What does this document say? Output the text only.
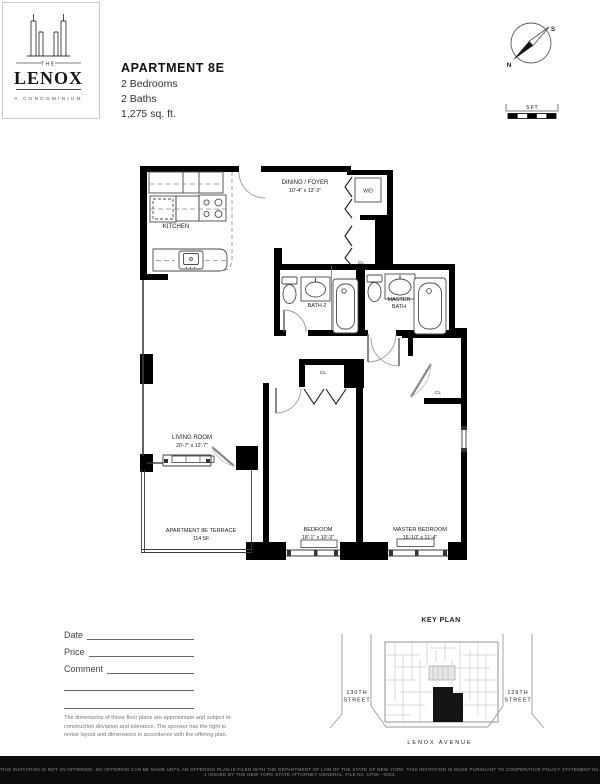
THE
LENOX
A CONDOMINIUM
APARTMENT 8E
2 Bedrooms
2 Baths
1,275 sq. ft.
S
N
5 FT
W/D
KITCHEN
DINING / FOYER
10'-4" x 13'-3"
CL
BATH 2
MASTER
BATH
CL
CL
LIVING ROOM
20'-7" x 12'-7"
APARTMENT 8E TERRACE
114 SF
BEDROOM
18'-1" x 10'-3"
MASTER BEDROOM
15'-10" x 11'-4"
KEY PLAN
130TH
STREET
129TH
STREET
LENOX AVENUE
Date
Price
Comment
The dimensions of these floor plans are approximate and subject to construction deviation and tolerance. The sponsor has the right to revise layout and dimensions in accordance with the offering plan.
THIS INVITATION IS NOT AN OFFERING. NO OFFERING CAN BE MADE UNTIL AN OFFERING PLAN IS FILED WITH THE DEPARTMENT OF LAW OF THE STATE OF NEW YORK. THIS INVITATION IS MADE PURSUANT TO COOPERATIVE POLICY STATEMENT No. 1 ISSUED BY THE NEW YORK STATE ATTORNEY GENERAL. FILE No. CP05 - 0034.
